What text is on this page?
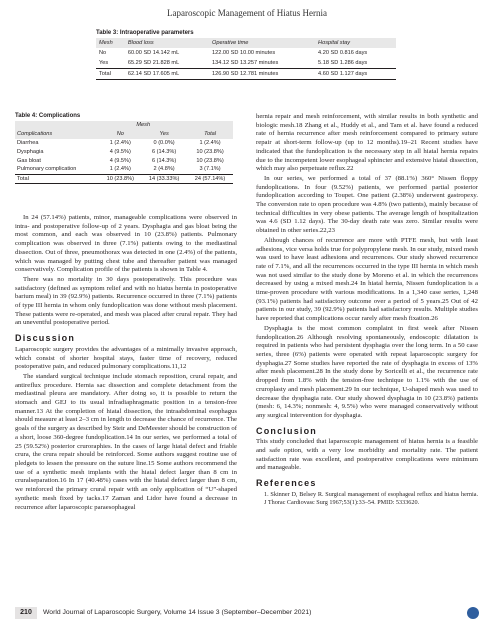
Laparoscopic Management of Hiatus Hernia

Table 3: Intraoperative parameters

Mesh	Blood loss	Operative time	Hospital stay
No	60.00 SD 14.142 mL	122.00 SD 10.00 minutes	4.20 SD 0.816 days
Yes	65.29 SD 21.828 mL	134.12 SD 13.257 minutes	5.18 SD 1.286 days
Total	62.14 SD 17.605 mL	126.90 SD 12.781 minutes	4.60 SD 1.127 days

Table 4: Complications

	Mesh		
Complications	No	Yes	Total
Diarrhea	1 (2.4%)	0 (0.0%)	1 (2.4%)
Dysphagia	4 (9.5%)	6 (14.3%)	10 (23.8%)
Gas bloat	4 (9.5%)	6 (14.3%)	10 (23.8%)
Pulmonary complication	1 (2.4%)	2 (4.8%)	3 (7.1%)
Total	10 (23.8%)	14 (33.33%)	24 (57.14%)

In 24 (57.14%) patients, minor, manageable complications were observed in intra- and postoperative follow-up of 2 years. Dysphagia and gas bloat being the most common, and each was observed in 10 (23.8%) patients. Pulmonary complication was observed in three (7.1%) patients owing to the mediastinal dissection. Out of three, pneumothorax was detected in one (2.4%) of the patients, which was managed by putting chest tube and thereafter patient was managed conservatively. Complication profile of the patients is shown in Table 4.

There was no mortality in 30 days postoperatively. This procedure was satisfactory (defined as symptom relief and with no hiatus hernia in postoperative barium meal) in 39 (92.9%) patients. Recurrence occurred in three (7.1%) patients of type III hernia in whom only fundoplication was done without mesh placement. These patients were re-operated, and mesh was placed after crural repair. They had an uneventful postoperative period.

Discussion

Laparoscopic surgery provides the advantages of a minimally invasive approach, which consist of shorter hospital stays, faster time of recovery, reduced postoperative pain, and reduced pulmonary complications.11,12

The standard surgical technique include stomach reposition, crural repair, and antireflux procedure. Hernia sac dissection and complete detachment from the mediastinal pleura are mandatory. After doing so, it is possible to return the stomach and GEJ to its usual infradiaphragmatic position in a tension-free manner.13 At the completion of hiatal dissection, the intraabdominal esophagus should measure at least 2–3 cm in length to decrease the chance of recurrence. The goals of the surgery as described by Steir and DeMeester should be construction of a short, loose 360-degree fundoplication.14 In our series, we performed a total of 25 (59.52%) posterior cruroraphies. In the cases of large hiatal defect and friable crura, the crura repair should be reinforced. Some authors suggest routine use of pledgets to lessen the pressure on the suture line.15 Some authors recommend the use of a synthetic mesh implants with the hiatal defect larger than 8 cm in cruralseparation.16 In 17 (40.48%) cases with the hiatal defect larger than 8 cm, we reinforced the primary crural repair with an only application of “U”-shaped synthetic mesh fixed by tacks.17 Zaman and Lidor have found a decrease in recurrence after laparoscopic paraesophageal

hernia repair and mesh reinforcement, with similar results in both synthetic and biologic mesh.18 Zhang et al., Huddy et al., and Tam et al. have found a reduced rate of hernia recurrence after mesh reinforcement compared to primary suture repair at short-term follow-up (up to 12 months).19–21 Recent studies have indicated that the fundoplication is the necessary step in all hiatal hernia repairs due to the incompetent lower esophageal sphincter and extensive hiatal dissection, which may also perpetuate reflux.22

In our series, we performed a total of 37 (88.1%) 360° Nissen floppy fundoplications. In four (9.52%) patients, we performed partial posterior fundoplication according to Toupet. One patient (2.38%) underwent gastropexy. The conversion rate to open procedure was 4.8% (two patients), mainly because of technical difficulties in very obese patients. The average length of hospitalization was 4.6 (SD 1.12 days). The 30-day death rate was zero. Similar results were obtained in other series.22,23

Although chances of recurrence are more with PTFE mesh, but with least adhesions, vice versa holds true for polypropylene mesh. In our study, mixed mesh was used to have least adhesions and recurrences. Our study showed recurrence rate of 7.1%, and all the recurrences occurred in the type III hernia in which mesh was not used similar to the study done by Moreno et al. in which the recurrences decreased by using a mixed mesh.24 In hiatal hernia, Nissen fundoplication is a time-proven procedure with various modifications. In a 1,340 case series, 1,248 (93.1%) patients had satisfactory outcome over a period of 5 years.25 Out of 42 patients in our study, 39 (92.9%) patients had satisfactory results. Multiple studies have reported that complications occur rarely after mesh fixation.26

Dysphagia is the most common complaint in first week after Nissen fundoplication.26 Although resolving spontaneously, endoscopic dilatation is required in patients who had persistent dysphagia over the long term. In a 50 case series, three (6%) patients were operated with repeat laparoscopic surgery for dysphagia.27 Some studies have reported the rate of dysphagia in excess of 13% after mesh placement.28 In the study done by Soricelli et al., the recurrence rate dropped from 1.8% with the tension-free technique to 1.1% with the use of cruroplasty and mesh placement.29 In our technique, U-shaped mesh was used to decrease the dysphagia rate. Our study showed dysphagia in 10 (23.8%) patients (mesh: 6, 14.3%; nonmesh: 4, 9.5%) who were managed conservatively without any surgical intervention for dysphagia.

Conclusion

This study concluded that laparoscopic management of hiatus hernia is a feasible and safe option, with a very low morbidity and mortality rate. The patient satisfaction rate was excellent, and postoperative complications were minimum and manageable.

References

1. Skinner D, Belsey R. Surgical management of esophageal reflux and hiatus hernia. J Thorac Cardiovasc Surg 1967;53(1):33–54. PMID: 5333620.

210	World Journal of Laparoscopic Surgery, Volume 14 Issue 3 (September–December 2021)
